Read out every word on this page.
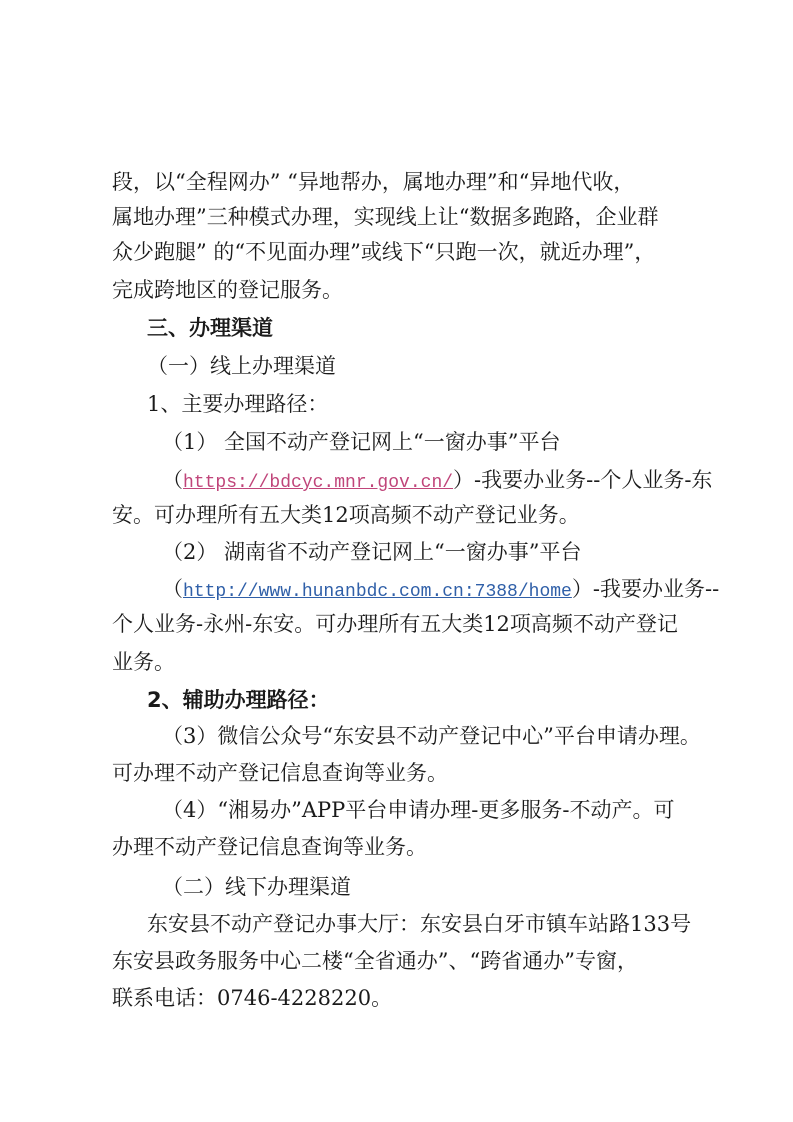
段，以“全程网办” “异地帮办，属地办理”和“异地代收，

属地办理”三种模式办理，实现线上让“数据多跑路，企业群

众少跑腿” 的“不见面办理”或线下“只跑一次，就近办理”，

完成跨地区的登记服务。

三、办理渠道

（一）线上办理渠道

1、主要办理路径：

（1） 全国不动产登记网上“一窗办事”平台

（https://bdcyc.mnr.gov.cn/）-我要办业务--个人业务-东

安。可办理所有五大类12项高频不动产登记业务。

（2） 湖南省不动产登记网上“一窗办事”平台

（http://www.hunanbdc.com.cn:7388/home）-我要办业务--

个人业务-永州-东安。可办理所有五大类12项高频不动产登记

业务。

2、辅助办理路径：

（3）微信公众号“东安县不动产登记中心”平台申请办理。

可办理不动产登记信息查询等业务。

（4）“湘易办”APP平台申请办理-更多服务-不动产。可

办理不动产登记信息查询等业务。

（二）线下办理渠道

东安县不动产登记办事大厅：东安县白牙市镇车站路133号

东安县政务服务中心二楼“全省通办”、“跨省通办”专窗，

联系电话：0746-4228220。
